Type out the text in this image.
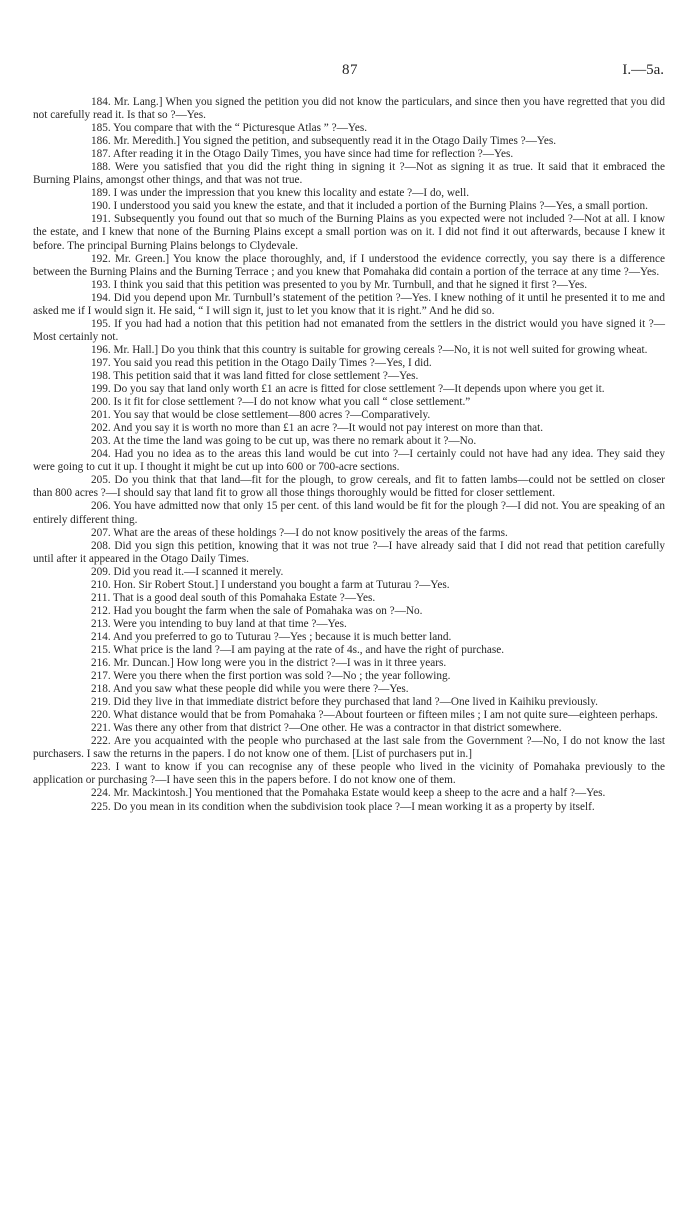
87	I.—5a.

184. Mr. Lang.] When you signed the petition you did not know the particulars, and since then you have regretted that you did not carefully read it. Is that so ?—Yes.

185. You compare that with the “ Picturesque Atlas ” ?—Yes.

186. Mr. Meredith.] You signed the petition, and subsequently read it in the Otago Daily Times ?—Yes.

187. After reading it in the Otago Daily Times, you have since had time for reflection ?—Yes.

188. Were you satisfied that you did the right thing in signing it ?—Not as signing it as true. It said that it embraced the Burning Plains, amongst other things, and that was not true.

189. I was under the impression that you knew this locality and estate ?—I do, well.

190. I understood you said you knew the estate, and that it included a portion of the Burning Plains ?—Yes, a small portion.

191. Subsequently you found out that so much of the Burning Plains as you expected were not included ?—Not at all. I know the estate, and I knew that none of the Burning Plains except a small portion was on it. I did not find it out afterwards, because I knew it before. The principal Burning Plains belongs to Clydevale.

192. Mr. Green.] You know the place thoroughly, and, if I understood the evidence correctly, you say there is a difference between the Burning Plains and the Burning Terrace ; and you knew that Pomahaka did contain a portion of the terrace at any time ?—Yes.

193. I think you said that this petition was presented to you by Mr. Turnbull, and that he signed it first ?—Yes.

194. Did you depend upon Mr. Turnbull’s statement of the petition ?—Yes. I knew nothing of it until he presented it to me and asked me if I would sign it. He said, “ I will sign it, just to let you know that it is right.” And he did so.

195. If you had had a notion that this petition had not emanated from the settlers in the district would you have signed it ?—Most certainly not.

196. Mr. Hall.] Do you think that this country is suitable for growing cereals ?—No, it is not well suited for growing wheat.

197. You said you read this petition in the Otago Daily Times ?—Yes, I did.

198. This petition said that it was land fitted for close settlement ?—Yes.

199. Do you say that land only worth £1 an acre is fitted for close settlement ?—It depends upon where you get it.

200. Is it fit for close settlement ?—I do not know what you call “ close settlement.”

201. You say that would be close settlement—800 acres ?—Comparatively.

202. And you say it is worth no more than £1 an acre ?—It would not pay interest on more than that.

203. At the time the land was going to be cut up, was there no remark about it ?—No.

204. Had you no idea as to the areas this land would be cut into ?—I certainly could not have had any idea. They said they were going to cut it up. I thought it might be cut up into 600 or 700-acre sections.

205. Do you think that that land—fit for the plough, to grow cereals, and fit to fatten lambs—could not be settled on closer than 800 acres ?—I should say that land fit to grow all those things thoroughly would be fitted for closer settlement.

206. You have admitted now that only 15 per cent. of this land would be fit for the plough ?—I did not. You are speaking of an entirely different thing.

207. What are the areas of these holdings ?—I do not know positively the areas of the farms.

208. Did you sign this petition, knowing that it was not true ?—I have already said that I did not read that petition carefully until after it appeared in the Otago Daily Times.

209. Did you read it.—I scanned it merely.

210. Hon. Sir Robert Stout.] I understand you bought a farm at Tuturau ?—Yes.

211. That is a good deal south of this Pomahaka Estate ?—Yes.

212. Had you bought the farm when the sale of Pomahaka was on ?—No.

213. Were you intending to buy land at that time ?—Yes.

214. And you preferred to go to Tuturau ?—Yes ; because it is much better land.

215. What price is the land ?—I am paying at the rate of 4s., and have the right of purchase.

216. Mr. Duncan.] How long were you in the district ?—I was in it three years.

217. Were you there when the first portion was sold ?—No ; the year following.

218. And you saw what these people did while you were there ?—Yes.

219. Did they live in that immediate district before they purchased that land ?—One lived in Kaihiku previously.

220. What distance would that be from Pomahaka ?—About fourteen or fifteen miles ; I am not quite sure—eighteen perhaps.

221. Was there any other from that district ?—One other. He was a contractor in that district somewhere.

222. Are you acquainted with the people who purchased at the last sale from the Government ?—No, I do not know the last purchasers. I saw the returns in the papers. I do not know one of them. [List of purchasers put in.]

223. I want to know if you can recognise any of these people who lived in the vicinity of Pomahaka previously to the application or purchasing ?—I have seen this in the papers before. I do not know one of them.

224. Mr. Mackintosh.] You mentioned that the Pomahaka Estate would keep a sheep to the acre and a half ?—Yes.

225. Do you mean in its condition when the subdivision took place ?—I mean working it as a property by itself.
